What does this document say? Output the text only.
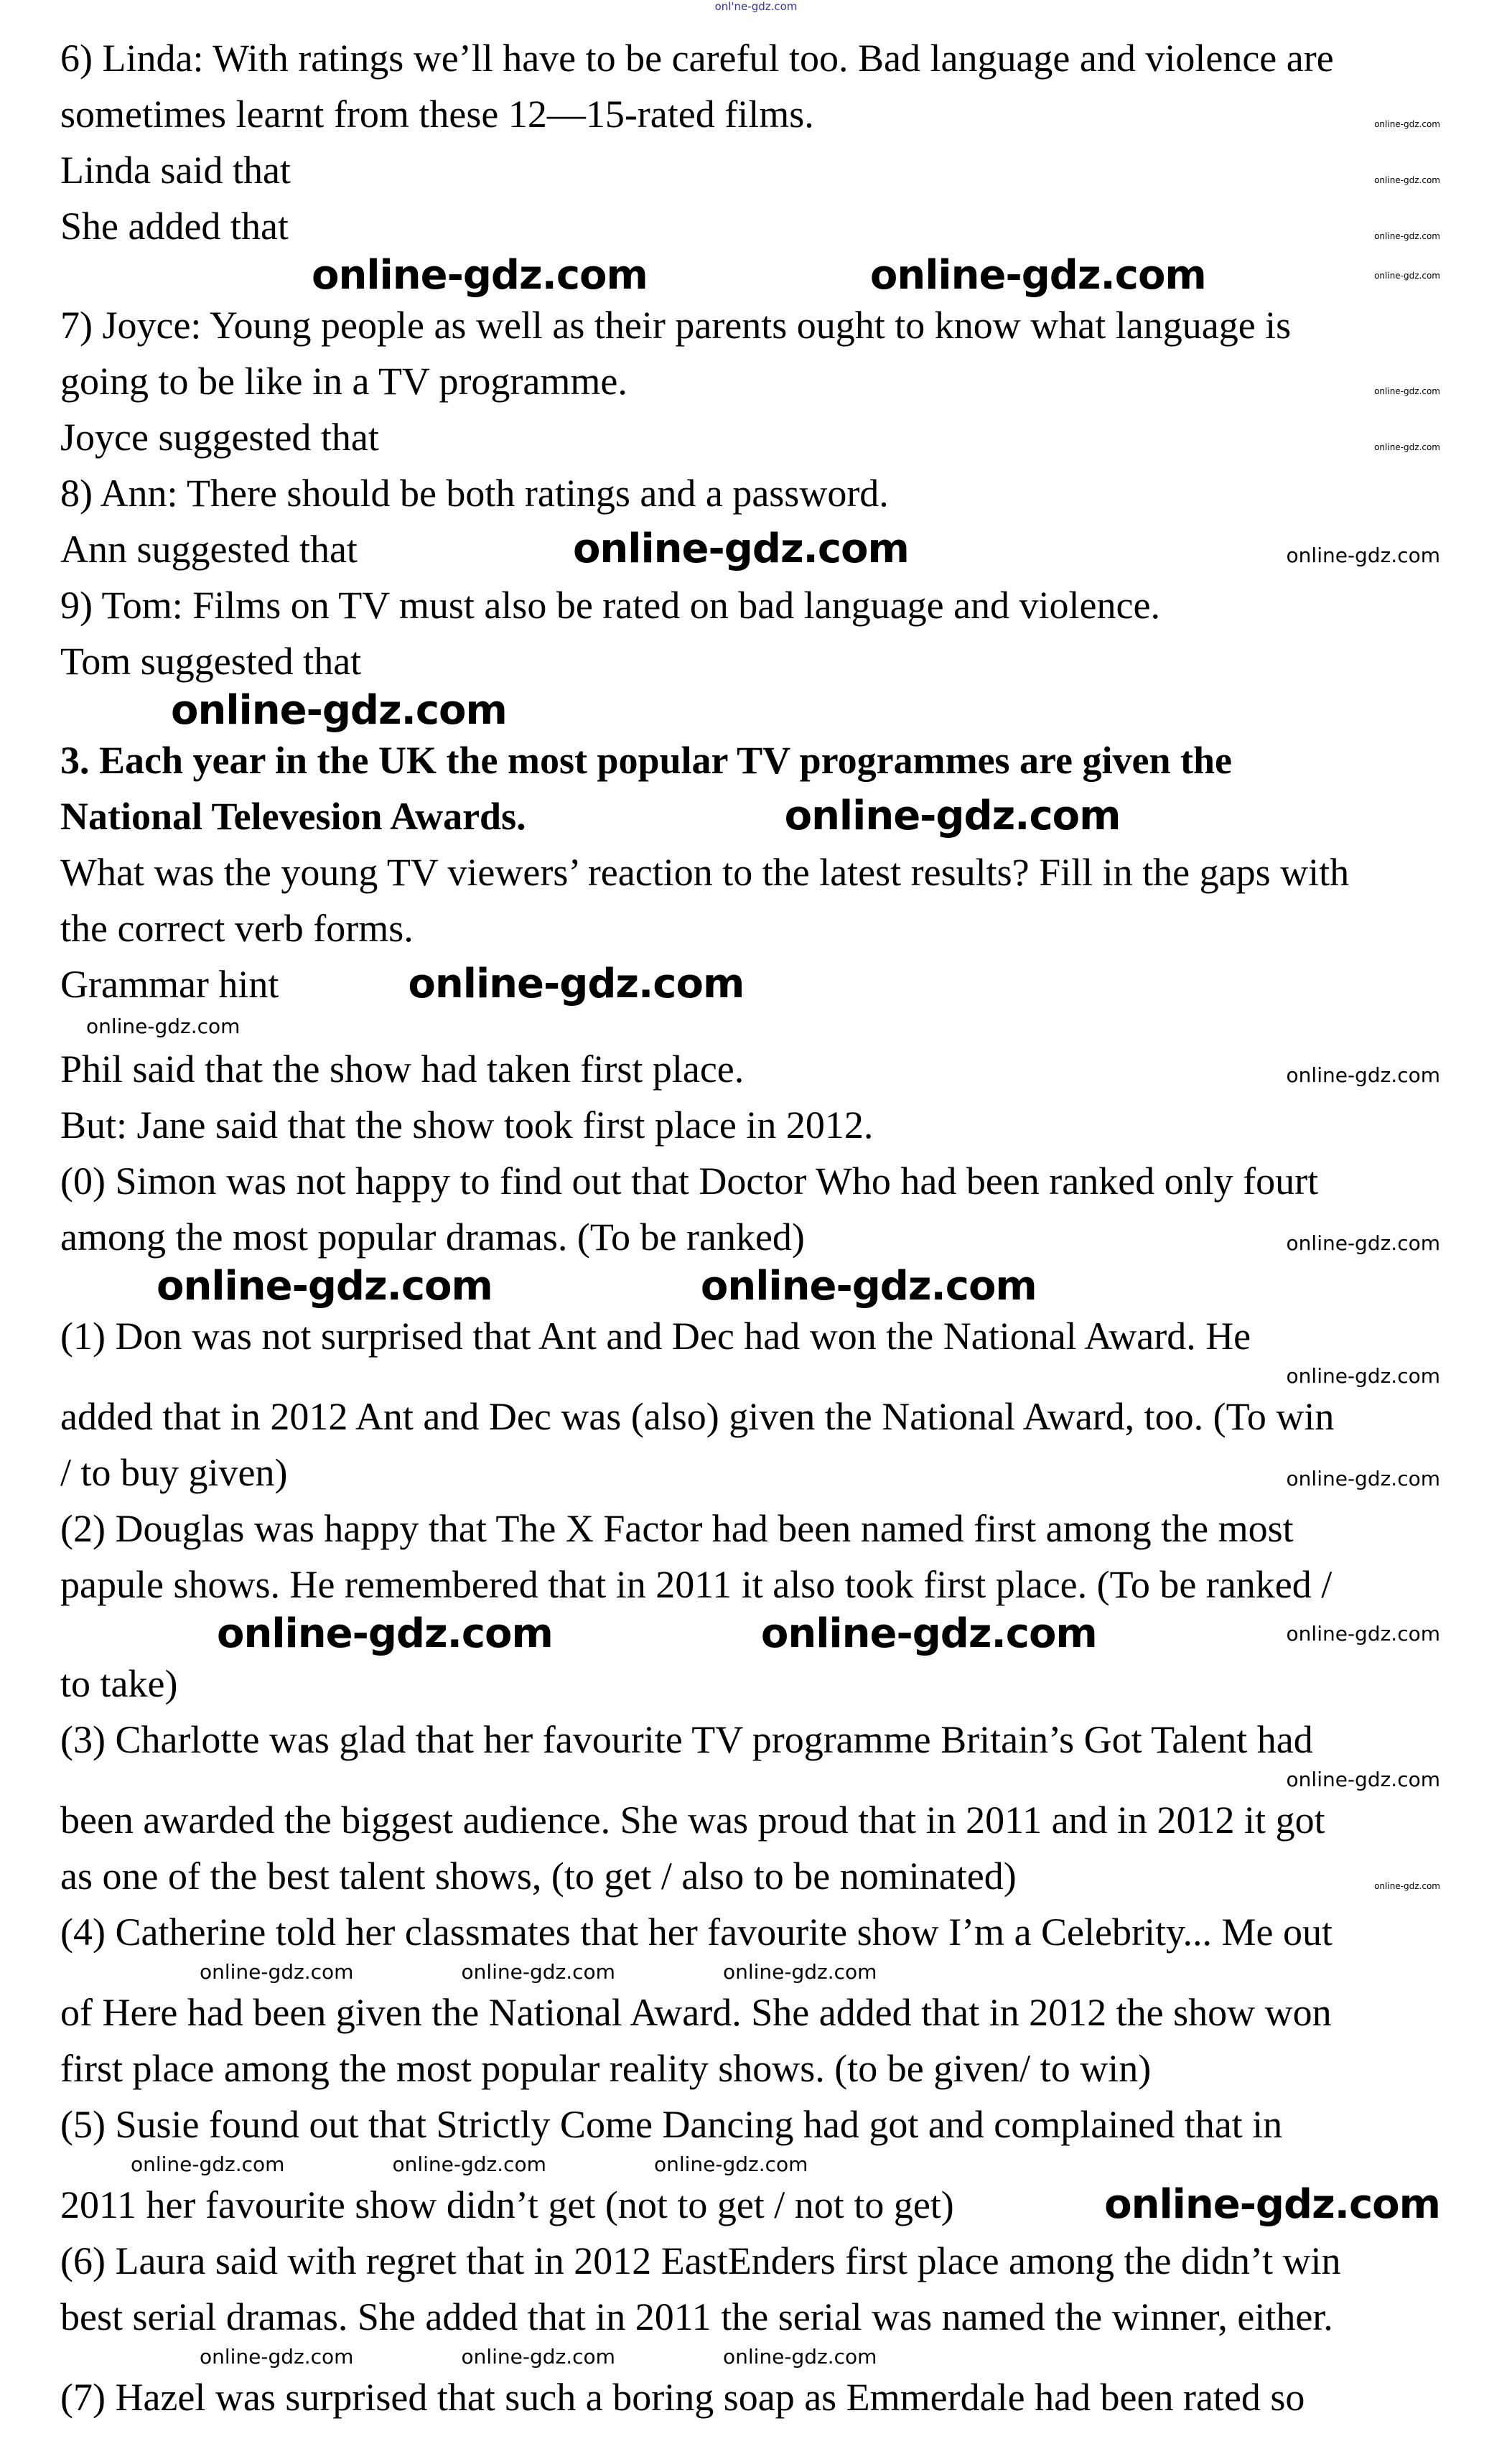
onl'ne-gdz.com
6) Linda: With ratings we’ll have to be careful too. Bad language and violence are
sometimes learnt from these 12—15-rated films.	online-gdz.com
Linda said that	online-gdz.com
She added that	online-gdz.com
online-gdz.com	online-gdz.com	online-gdz.com
7) Joyce: Young people as well as their parents ought to know what language is
going to be like in a TV programme.	online-gdz.com
Joyce suggested that	online-gdz.com
8) Ann: There should be both ratings and a password.
Ann suggested that	online-gdz.com	online-gdz.com
9) Tom: Films on TV must also be rated on bad language and violence.
Tom suggested that
online-gdz.com
3. Each year in the UK the most popular TV programmes are given the
National Televesion Awards.	online-gdz.com
What was the young TV viewers’ reaction to the latest results? Fill in the gaps with
the correct verb forms.
Grammar hint	online-gdz.com
online-gdz.com
Phil said that the show had taken first place.	online-gdz.com
But: Jane said that the show took first place in 2012.
(0) Simon was not happy to find out that Doctor Who had been ranked only fourt
among the most popular dramas. (To be ranked)	online-gdz.com
online-gdz.com	online-gdz.com
(1) Don was not surprised that Ant and Dec had won the National Award. He
online-gdz.com
added that in 2012 Ant and Dec was (also) given the National Award, too. (To win
/ to buy given)	online-gdz.com
(2) Douglas was happy that The X Factor had been named first among the most
papule shows. He remembered that in 2011 it also took first place. (To be ranked /
online-gdz.com	online-gdz.com	online-gdz.com
to take)
(3) Charlotte was glad that her favourite TV programme Britain’s Got Talent had
online-gdz.com
been awarded the biggest audience. She was proud that in 2011 and in 2012 it got
as one of the best talent shows, (to get / also to be nominated)	online-gdz.com
(4) Catherine told her classmates that her favourite show I’m a Celebrity... Me out
online-gdz.com	online-gdz.com	online-gdz.com
of Here had been given the National Award. She added that in 2012 the show won
first place among the most popular reality shows. (to be given/ to win)
(5) Susie found out that Strictly Come Dancing had got and complained that in
online-gdz.com	online-gdz.com	online-gdz.com
2011 her favourite show didn’t get (not to get / not to get)	online-gdz.com
(6) Laura said with regret that in 2012 EastEnders first place among the didn’t win
best serial dramas. She added that in 2011 the serial was named the winner, either.
online-gdz.com	online-gdz.com	online-gdz.com
(7) Hazel was surprised that such a boring soap as Emmerdale had been rated so
